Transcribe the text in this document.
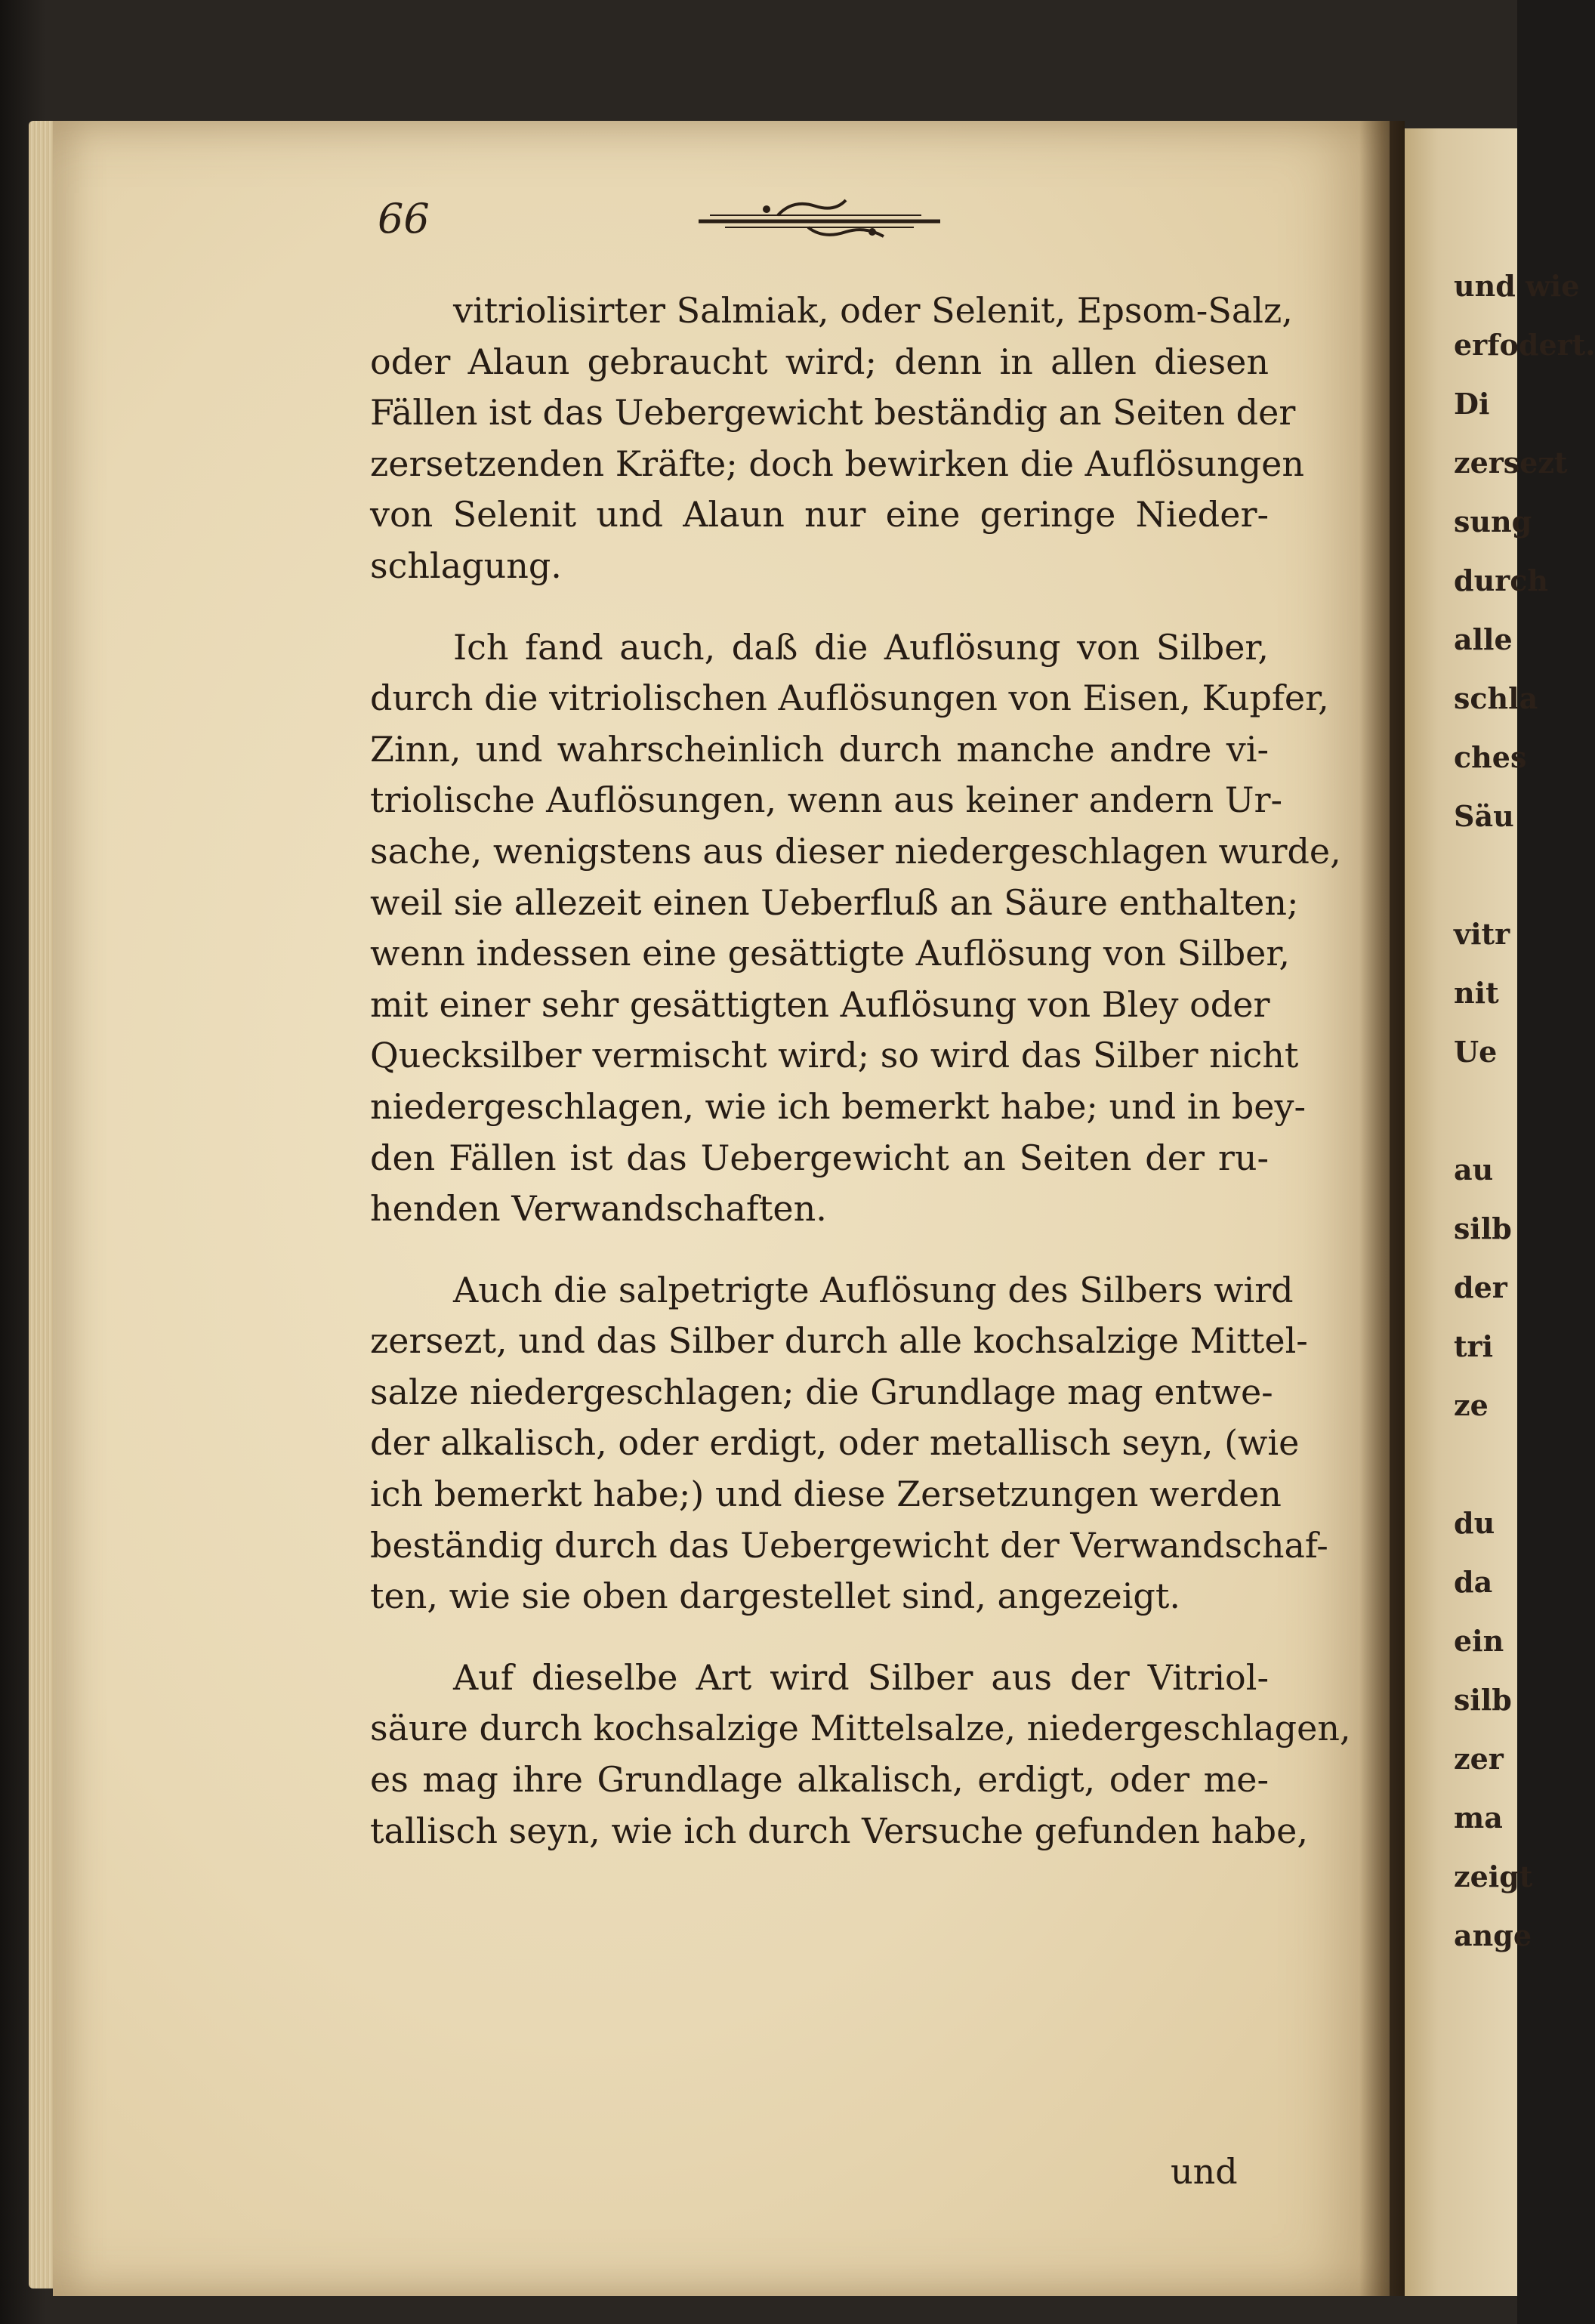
und wie
erfodert.
Di
zersezt
sung
durch
alle
schla
ches
Säu
vitr
nit
Ue
au
silb
der
tri
ze
du
da
ein
silb
zer
ma
zeigt
ange
66

vitriolisirter Salmiak, oder Selenit, Epsom-Salz,
oder Alaun gebraucht wird; denn in allen diesen
Fällen ist das Uebergewicht beständig an Seiten der
zersetzenden Kräfte; doch bewirken die Auflösungen
von Selenit und Alaun nur eine geringe Nieder-
schlagung.

Ich fand auch, daß die Auflösung von Silber,
durch die vitriolischen Auflösungen von Eisen, Kupfer,
Zinn, und wahrscheinlich durch manche andre vi-
triolische Auflösungen, wenn aus keiner andern Ur-
sache, wenigstens aus dieser niedergeschlagen wurde,
weil sie allezeit einen Ueberfluß an Säure enthalten;
wenn indessen eine gesättigte Auflösung von Silber,
mit einer sehr gesättigten Auflösung von Bley oder
Quecksilber vermischt wird; so wird das Silber nicht
niedergeschlagen, wie ich bemerkt habe; und in bey-
den Fällen ist das Uebergewicht an Seiten der ru-
henden Verwandschaften.

Auch die salpetrigte Auflösung des Silbers wird
zersezt, und das Silber durch alle kochsalzige Mittel-
salze niedergeschlagen; die Grundlage mag entwe-
der alkalisch, oder erdigt, oder metallisch seyn, (wie
ich bemerkt habe;) und diese Zersetzungen werden
beständig durch das Uebergewicht der Verwandschaf-
ten, wie sie oben dargestellet sind, angezeigt.

Auf dieselbe Art wird Silber aus der Vitriol-
säure durch kochsalzige Mittelsalze, niedergeschlagen,
es mag ihre Grundlage alkalisch, erdigt, oder me-
tallisch seyn, wie ich durch Versuche gefunden habe,

und
